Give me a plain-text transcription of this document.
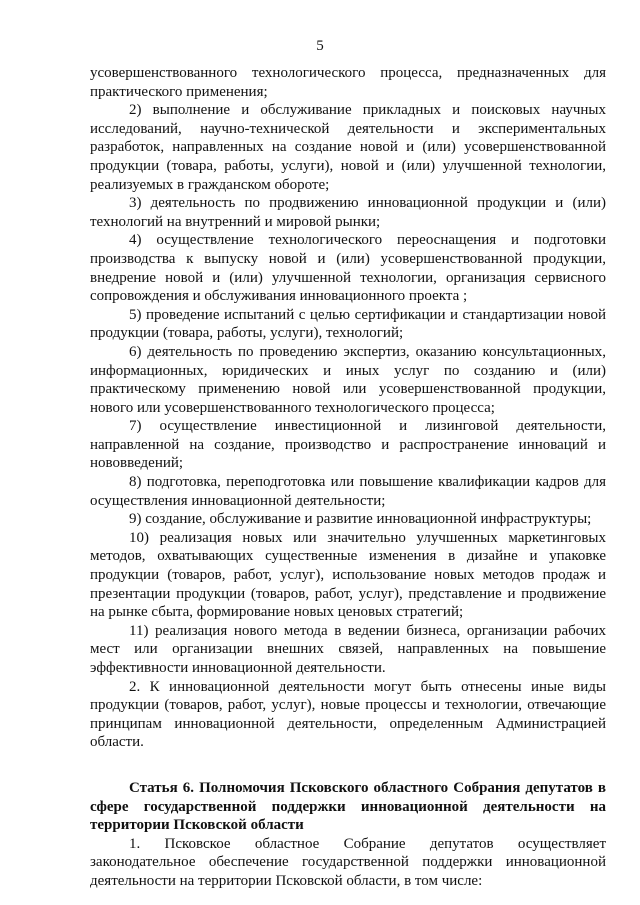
5

усовершенствованного технологического процесса, предназначенных для практического применения;

2) выполнение и обслуживание прикладных и поисковых научных исследований, научно-технической деятельности и экспериментальных разработок, направленных на создание новой и (или) усовершенствованной продукции (товара, работы, услуги), новой и (или) улучшенной технологии, реализуемых в гражданском обороте;

3) деятельность по продвижению инновационной продукции и (или) технологий на внутренний и мировой рынки;

4) осуществление технологического переоснащения и подготовки производства к выпуску новой и (или) усовершенствованной продукции, внедрение новой и (или) улучшенной технологии, организация сервисного сопровождения и обслуживания инновационного проекта ;

5) проведение испытаний с целью сертификации и стандартизации новой продукции (товара, работы, услуги), технологий;

6) деятельность по проведению экспертиз, оказанию консультационных, информационных, юридических и иных услуг по созданию и (или) практическому применению новой или усовершенствованной продукции, нового или усовершенствованного технологического процесса;

7) осуществление инвестиционной и лизинговой деятельности, направленной на создание, производство и распространение инноваций и нововведений;

8) подготовка, переподготовка или повышение квалификации кадров для осуществления инновационной деятельности;

9) создание, обслуживание и развитие инновационной инфраструктуры;

10) реализация новых или значительно улучшенных маркетинговых методов, охватывающих существенные изменения в дизайне и упаковке продукции (товаров, работ, услуг), использование новых методов продаж и презентации продукции (товаров, работ, услуг), представление и продвижение на рынке сбыта, формирование новых ценовых стратегий;

11) реализация нового метода в ведении бизнеса, организации рабочих мест или организации внешних связей, направленных на повышение эффективности инновационной деятельности.

2. К инновационной деятельности могут быть отнесены иные виды продукции (товаров, работ, услуг), новые процессы и технологии, отвечающие принципам инновационной деятельности, определенным Администрацией области.

Статья 6. Полномочия Псковского областного Собрания депутатов в сфере государственной поддержки инновационной деятельности на территории Псковской области

1. Псковское областное Собрание депутатов осуществляет законодательное обеспечение государственной поддержки инновационной деятельности на территории Псковской области, в том числе:
